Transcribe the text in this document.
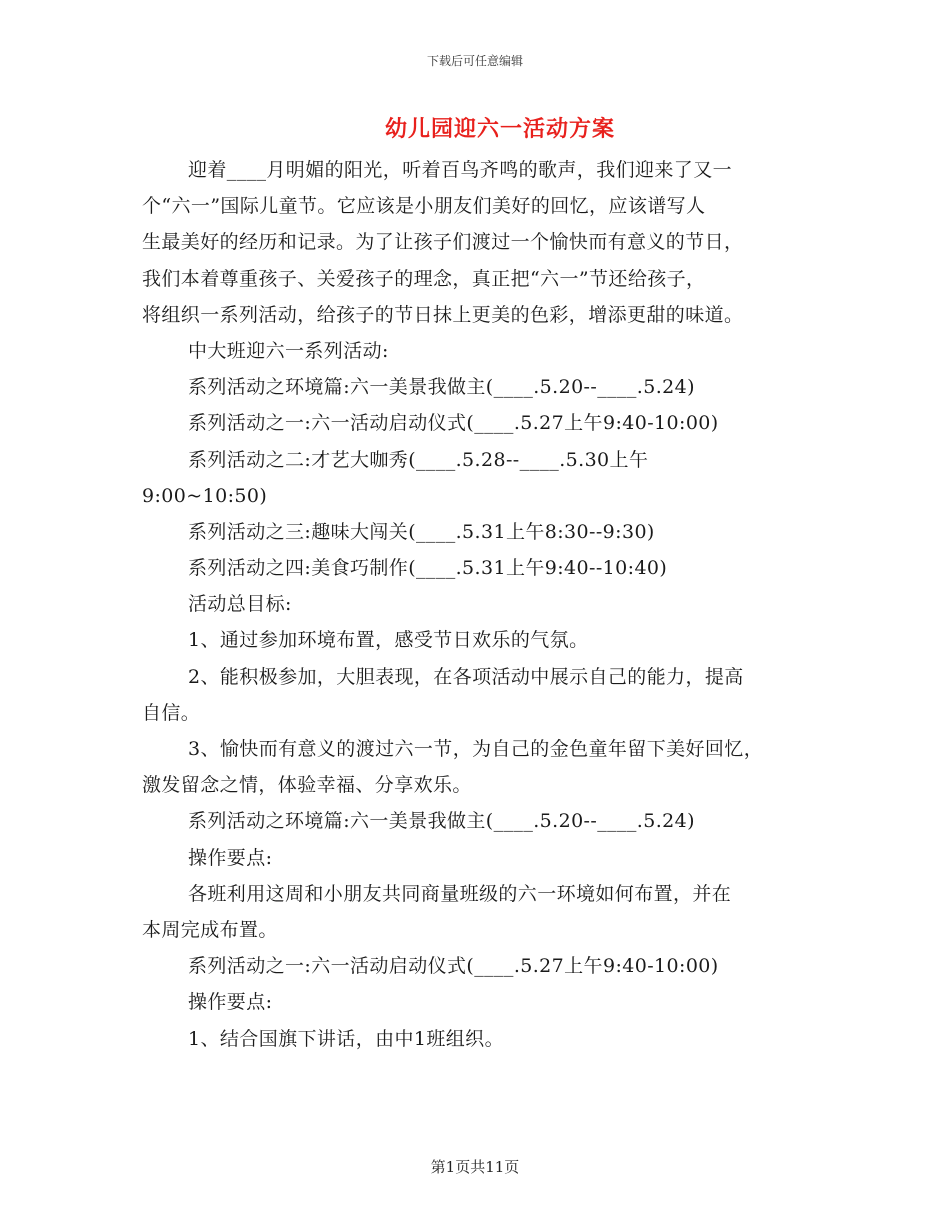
下载后可任意编辑
幼儿园迎六一活动方案
迎着____月明媚的阳光，听着百鸟齐鸣的歌声，我们迎来了又一
个“六一”国际儿童节。它应该是小朋友们美好的回忆，应该谱写人
生最美好的经历和记录。为了让孩子们渡过一个愉快而有意义的节日，
我们本着尊重孩子、关爱孩子的理念，真正把“六一”节还给孩子，
将组织一系列活动，给孩子的节日抹上更美的色彩，增添更甜的味道。
中大班迎六一系列活动:
系列活动之环境篇:六一美景我做主(____.5.20--____.5.24)
系列活动之一:六一活动启动仪式(____.5.27上午9:40-10:00)
系列活动之二:才艺大咖秀(____.5.28--____.5.30上午
9:00~10:50)
系列活动之三:趣味大闯关(____.5.31上午8:30--9:30)
系列活动之四:美食巧制作(____.5.31上午9:40--10:40)
活动总目标:
1、通过参加环境布置，感受节日欢乐的气氛。
2、能积极参加，大胆表现，在各项活动中展示自己的能力，提高
自信。
3、愉快而有意义的渡过六一节，为自己的金色童年留下美好回忆，
激发留念之情，体验幸福、分享欢乐。
系列活动之环境篇:六一美景我做主(____.5.20--____.5.24)
操作要点:
各班利用这周和小朋友共同商量班级的六一环境如何布置，并在
本周完成布置。
系列活动之一:六一活动启动仪式(____.5.27上午9:40-10:00)
操作要点:
1、结合国旗下讲话，由中1班组织。
第1页共11页
